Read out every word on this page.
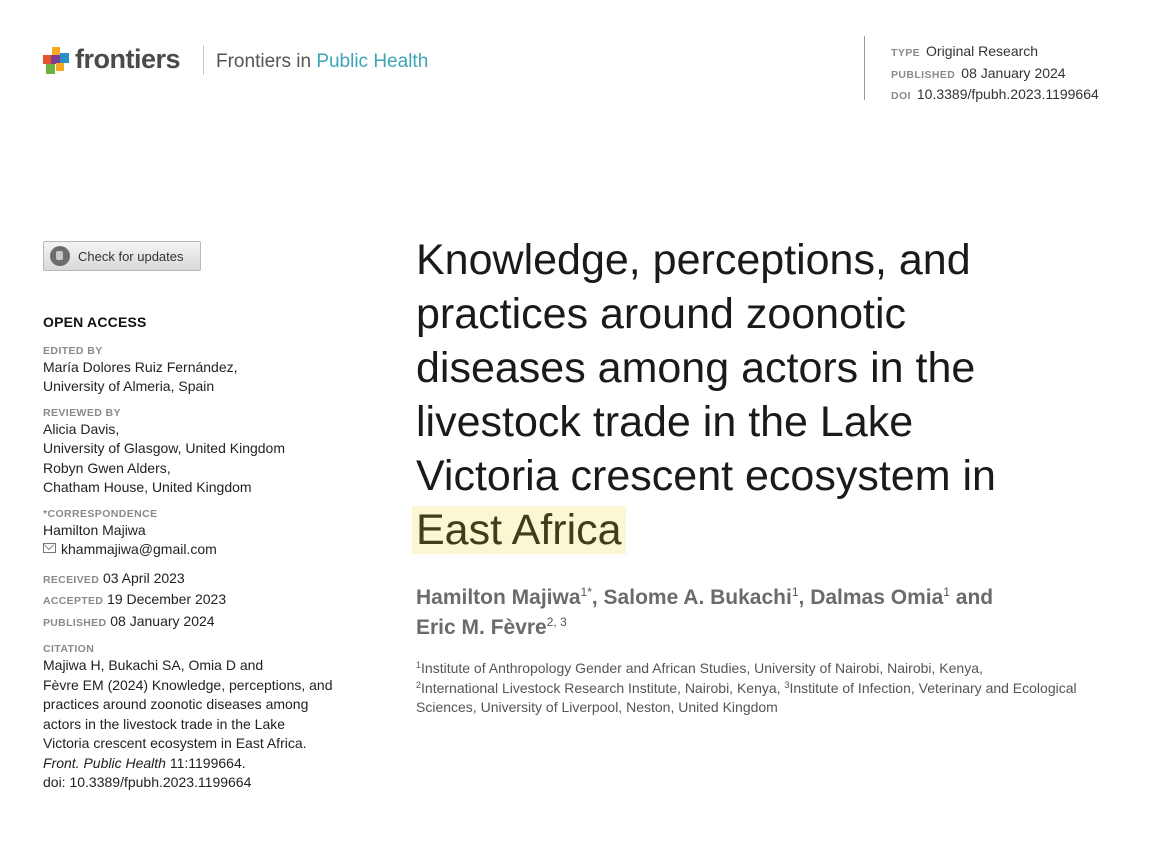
frontiers Frontiers in Public Health	TYPE Original Research
PUBLISHED 08 January 2024
DOI 10.3389/fpubh.2023.1199664
Check for updates
OPEN ACCESS
EDITED BY
María Dolores Ruiz Fernández,
University of Almeria, Spain
REVIEWED BY
Alicia Davis,
University of Glasgow, United Kingdom
Robyn Gwen Alders,
Chatham House, United Kingdom
*CORRESPONDENCE
Hamilton Majiwa
khammajiwa@gmail.com
RECEIVED 03 April 2023
ACCEPTED 19 December 2023
PUBLISHED 08 January 2024
CITATION
Majiwa H, Bukachi SA, Omia D and
Fèvre EM (2024) Knowledge, perceptions, and
practices around zoonotic diseases among
actors in the livestock trade in the Lake
Victoria crescent ecosystem in East Africa.
Front. Public Health 11:1199664.
doi: 10.3389/fpubh.2023.1199664
Knowledge, perceptions, and
practices around zoonotic
diseases among actors in the
livestock trade in the Lake
Victoria crescent ecosystem in
East Africa
Hamilton Majiwa$^{1*}$, Salome A. Bukachi$^1$, Dalmas Omia$^1$ and
Eric M. Fèvre$^{2, 3}$
$^1$Institute of Anthropology Gender and African Studies, University of Nairobi, Nairobi, Kenya,
$^2$International Livestock Research Institute, Nairobi, Kenya, $^3$Institute of Infection, Veterinary and Ecological Sciences, University of Liverpool, Neston, United Kingdom
